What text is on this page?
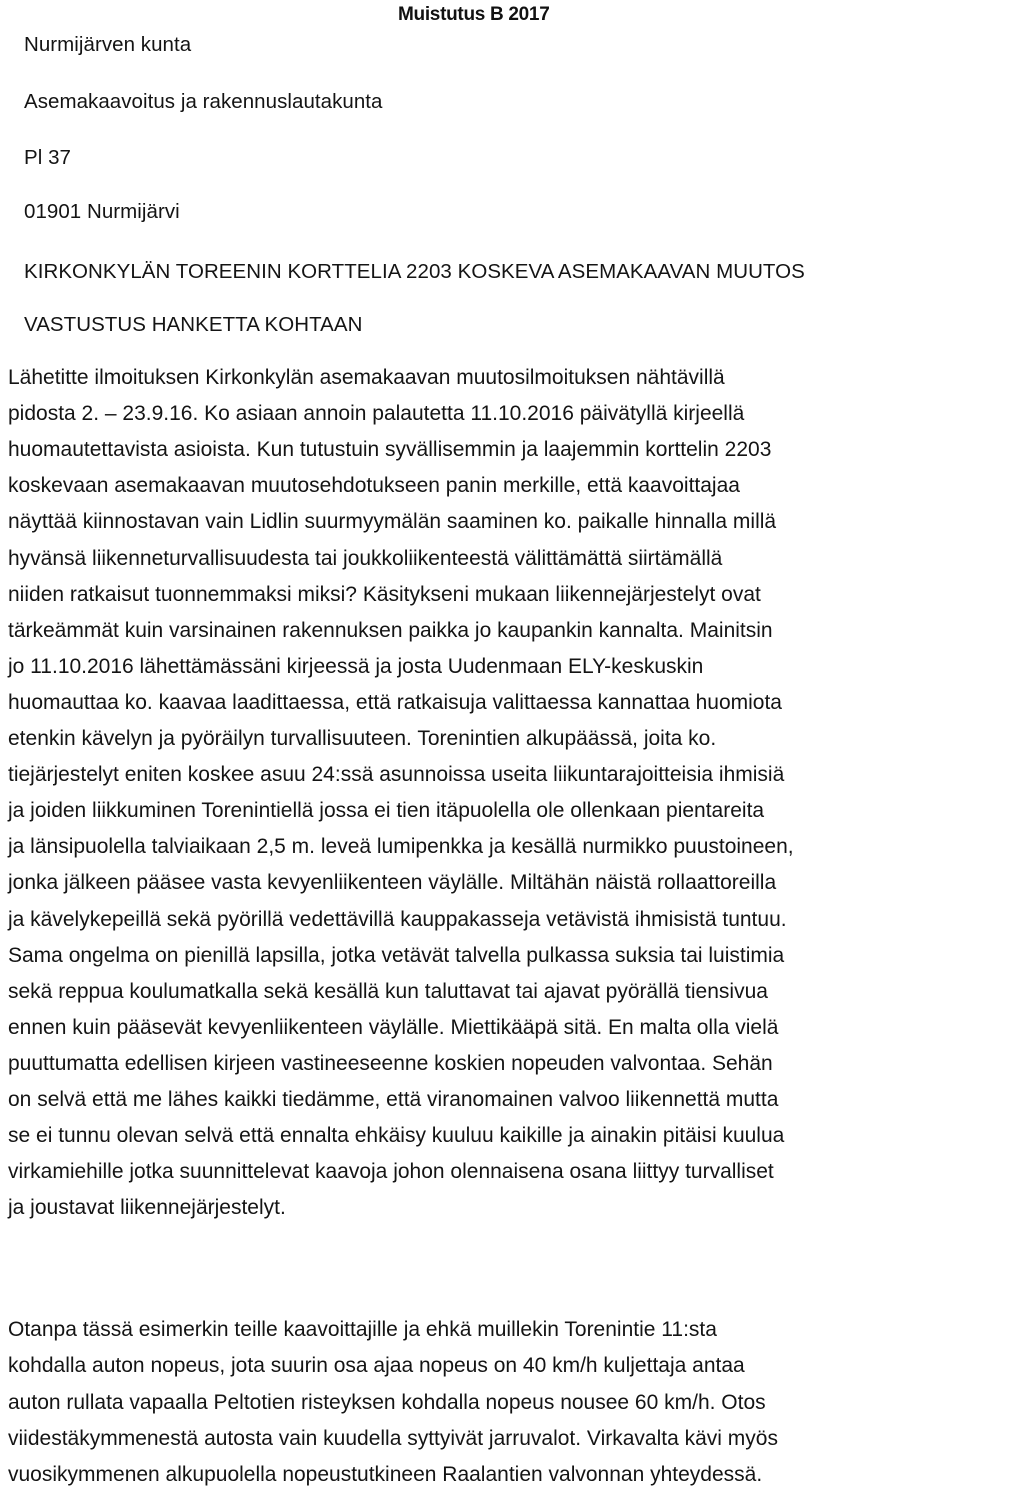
Muistutus B 2017
Nurmijärven kunta
Asemakaavoitus ja rakennuslautakunta
Pl 37
01901 Nurmijärvi
KIRKONKYLÄN TOREENIN KORTTELIA 2203 KOSKEVA ASEMAKAAVAN MUUTOS
VASTUSTUS HANKETTA KOHTAAN
Lähetitte ilmoituksen Kirkonkylän asemakaavan muutosilmoituksen nähtävillä
pidosta 2. – 23.9.16. Ko asiaan annoin palautetta 11.10.2016 päivätyllä kirjeellä
huomautettavista asioista. Kun tutustuin syvällisemmin ja laajemmin korttelin 2203
koskevaan asemakaavan muutosehdotukseen panin merkille, että kaavoittajaa
näyttää kiinnostavan vain Lidlin suurmyymälän saaminen ko. paikalle hinnalla millä
hyvänsä liikenneturvallisuudesta tai joukkoliikenteestä välittämättä siirtämällä
niiden ratkaisut tuonnemmaksi miksi? Käsitykseni mukaan liikennejärjestelyt ovat
tärkeämmät kuin varsinainen rakennuksen paikka jo kaupankin kannalta. Mainitsin
jo 11.10.2016 lähettämässäni kirjeessä ja josta Uudenmaan ELY-keskuskin
huomauttaa ko. kaavaa laadittaessa, että ratkaisuja valittaessa kannattaa huomiota
etenkin kävelyn ja pyöräilyn turvallisuuteen. Torenintien alkupäässä, joita ko.
tiejärjestelyt eniten koskee asuu 24:ssä asunnoissa useita liikuntarajoitteisia ihmisiä
ja joiden liikkuminen Torenintiellä jossa ei tien itäpuolella ole ollenkaan pientareita
ja länsipuolella talviaikaan 2,5 m. leveä lumipenkka ja kesällä nurmikko puustoineen,
jonka jälkeen pääsee vasta kevyenliikenteen väylälle. Miltähän näistä rollaattoreilla
ja kävelykepeillä sekä pyörillä vedettävillä kauppakasseja vetävistä ihmisistä tuntuu.
Sama ongelma on pienillä lapsilla, jotka vetävät talvella pulkassa suksia tai luistimia
sekä reppua koulumatkalla sekä kesällä kun taluttavat tai ajavat pyörällä tiensivua
ennen kuin pääsevät kevyenliikenteen väylälle. Miettikääpä sitä. En malta olla vielä
puuttumatta edellisen kirjeen vastineeseenne koskien nopeuden valvontaa. Sehän
on selvä että me lähes kaikki tiedämme, että viranomainen valvoo liikennettä mutta
se ei tunnu olevan selvä että ennalta ehkäisy kuuluu kaikille ja ainakin pitäisi kuulua
virkamiehille jotka suunnittelevat kaavoja johon olennaisena osana liittyy turvalliset
ja joustavat liikennejärjestelyt.
Otanpa tässä esimerkin teille kaavoittajille ja ehkä muillekin Torenintie 11:sta
kohdalla auton nopeus, jota suurin osa ajaa nopeus on 40 km/h kuljettaja antaa
auton rullata vapaalla Peltotien risteyksen kohdalla nopeus nousee 60 km/h. Otos
viidestäkymmenestä autosta vain kuudella syttyivät jarruvalot. Virkavalta kävi myös
vuosikymmenen alkupuolella nopeustutkineen Raalantien valvonnan yhteydessä.
